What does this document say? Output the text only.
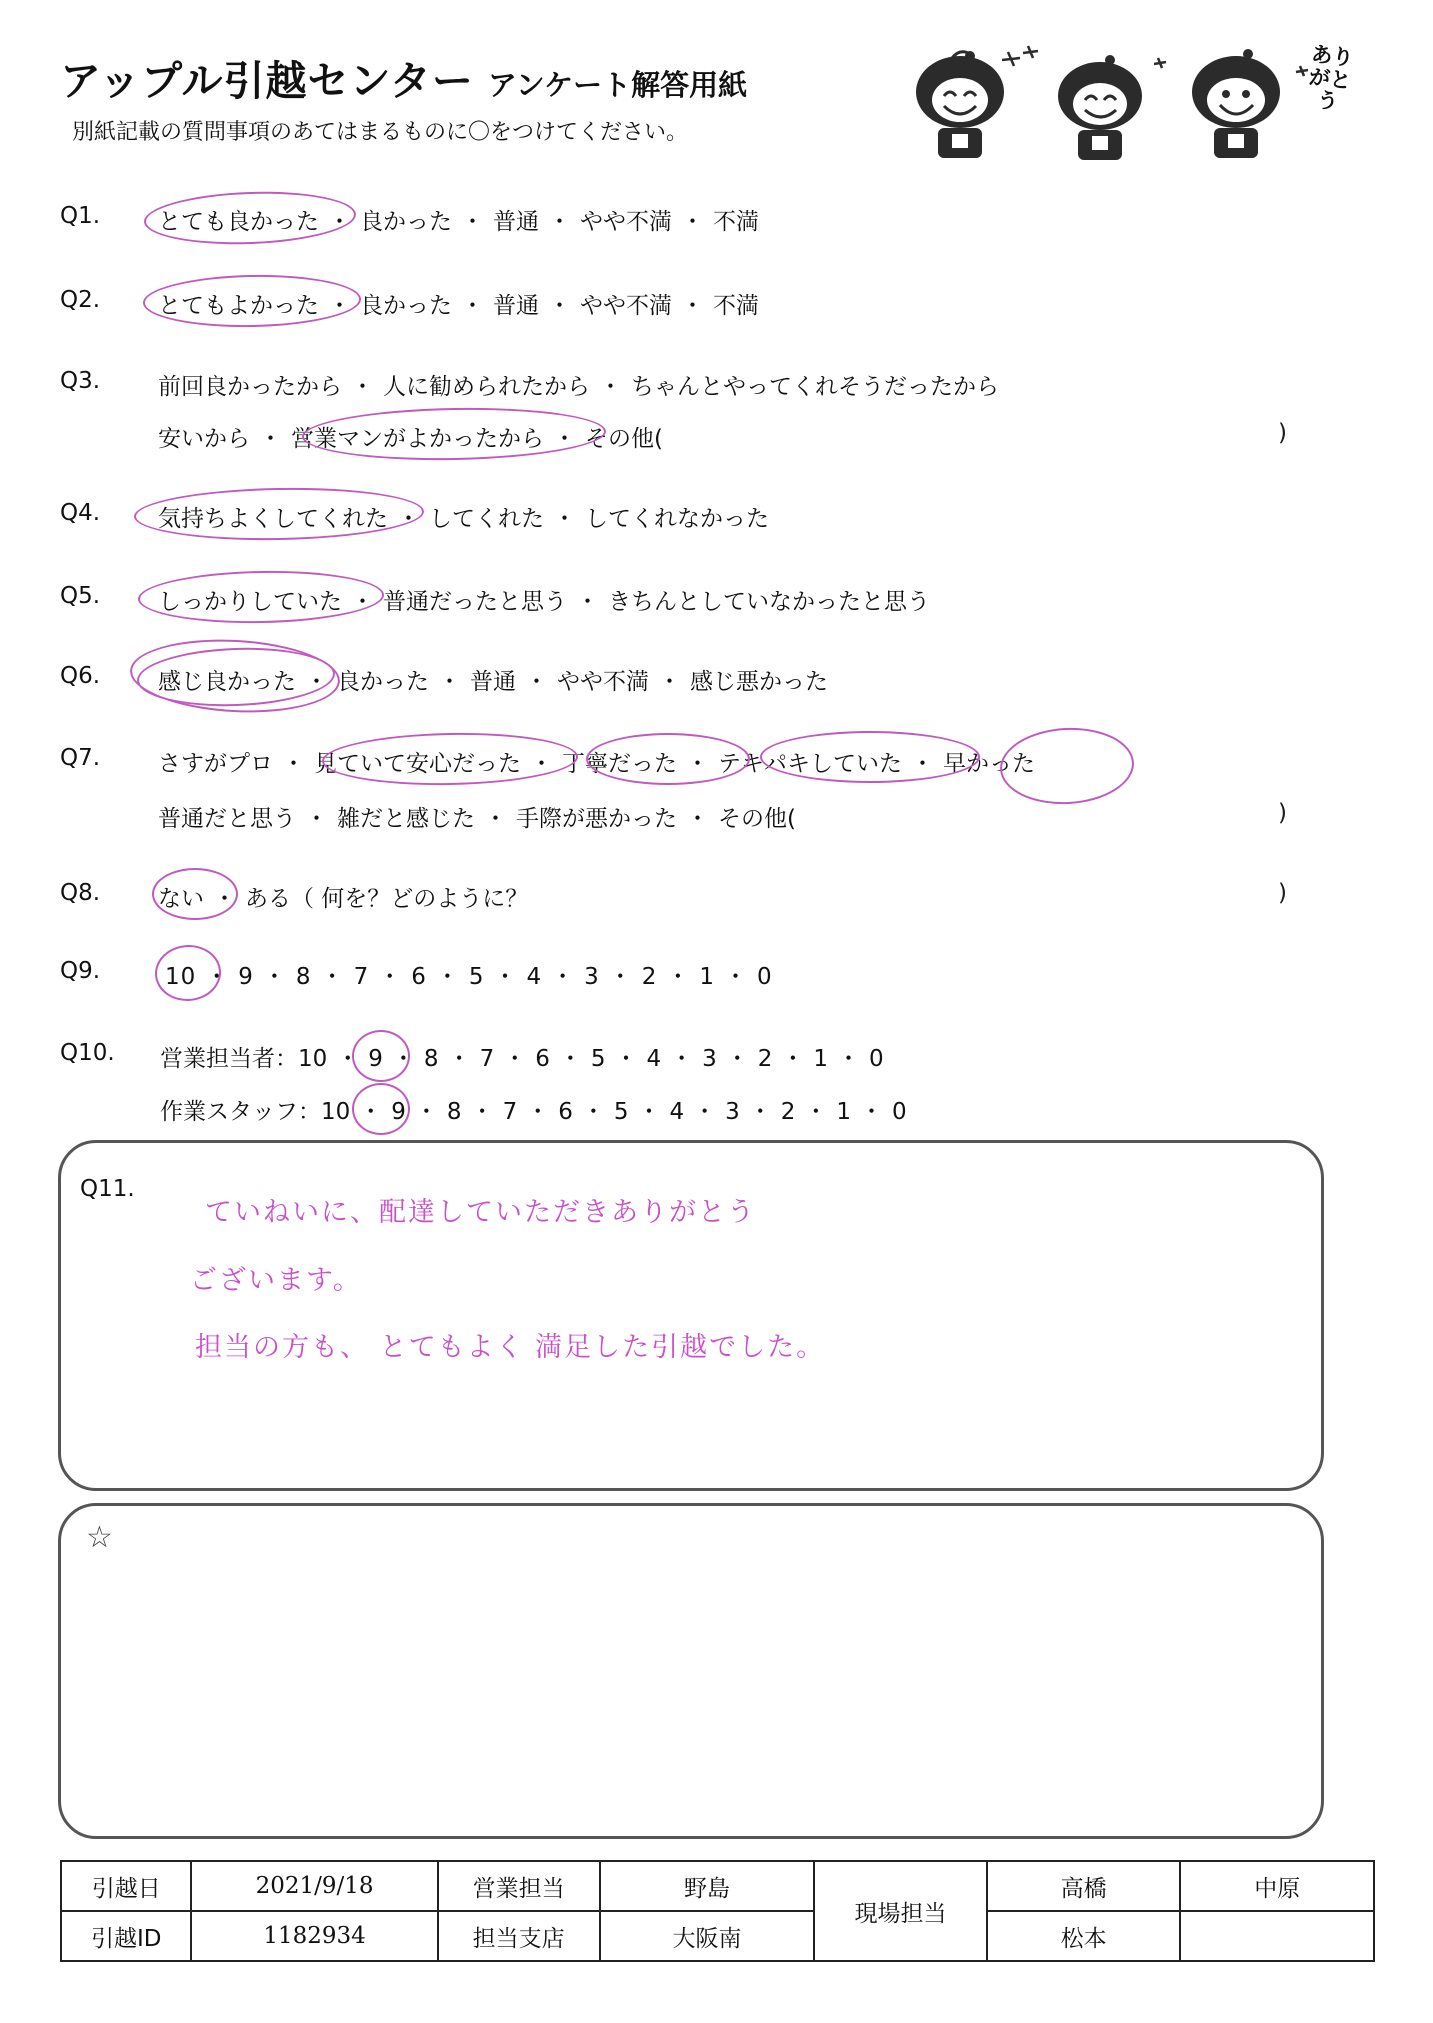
アップル引越センター アンケート解答用紙
別紙記載の質問事項のあてはまるものに〇をつけてください。
ありがとう
Q1.	とても良かった ・ 良かった ・ 普通 ・ やや不満 ・ 不満
Q2.	とてもよかった ・ 良かった ・ 普通 ・ やや不満 ・ 不満
Q3.	前回良かったから ・ 人に勧められたから ・ ちゃんとやってくれそうだったから
安いから ・ 営業マンがよかったから ・ その他(	)
Q4.	気持ちよくしてくれた ・ してくれた ・ してくれなかった
Q5.	しっかりしていた ・ 普通だったと思う ・ きちんとしていなかったと思う
Q6.	感じ良かった ・ 良かった ・ 普通 ・ やや不満 ・ 感じ悪かった
Q7.	さすがプロ ・ 見ていて安心だった ・ 丁寧だった ・ テキパキしていた ・ 早かった
普通だと思う ・ 雑だと感じた ・ 手際が悪かった ・ その他(	)
Q8.	ない ・ ある（ 何を？どのように？	)
Q9.	10 ・ 9 ・ 8 ・ 7 ・ 6 ・ 5 ・ 4 ・ 3 ・ 2 ・ 1 ・ 0
Q10. 営業担当者：10 ・ 9 ・ 8 ・ 7 ・ 6 ・ 5 ・ 4 ・ 3 ・ 2 ・ 1 ・ 0
作業スタッフ：10 ・ 9 ・ 8 ・ 7 ・ 6 ・ 5 ・ 4 ・ 3 ・ 2 ・ 1 ・ 0
Q11.
ていねいに、配達していただきありがとう
ございます。
担当の方も、 とてもよく 満足した引越でした。
☆
引越日	2021/9/18	営業担当	野島	現場担当	高橋	中原
引越ID	1182934	担当支店	大阪南		松本	
